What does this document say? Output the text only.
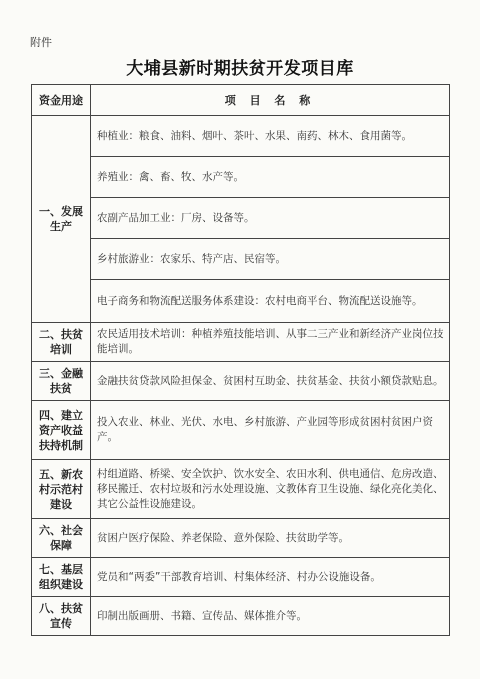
附件
大埔县新时期扶贫开发项目库
资金用途	项 目 名 称
一、发展生产	种植业：粮食、油料、烟叶、茶叶、水果、南药、林木、食用菌等。
	养殖业：禽、畜、牧、水产等。
	农副产品加工业：厂房、设备等。
	乡村旅游业：农家乐、特产店、民宿等。
	电子商务和物流配送服务体系建设：农村电商平台、物流配送设施等。
二、扶贫培训	农民适用技术培训：种植养殖技能培训、从事二三产业和新经济产业岗位技能培训。
三、金融扶贫	金融扶贫贷款风险担保金、贫困村互助金、扶贫基金、扶贫小额贷款贴息。
四、建立资产收益扶持机制	投入农业、林业、光伏、水电、乡村旅游、产业园等形成贫困村贫困户资产。
五、新农村示范村建设	村组道路、桥梁、安全饮护、饮水安全、农田水利、供电通信、危房改造、移民搬迁、农村垃圾和污水处理设施、文教体育卫生设施、绿化亮化美化、其它公益性设施建设。
六、社会保障	贫困户医疗保险、养老保险、意外保险、扶贫助学等。
七、基层组织建设	党员和“两委”干部教育培训、村集体经济、村办公设施设备。
八、扶贫宣传	印制出版画册、书籍、宣传品、媒体推介等。
